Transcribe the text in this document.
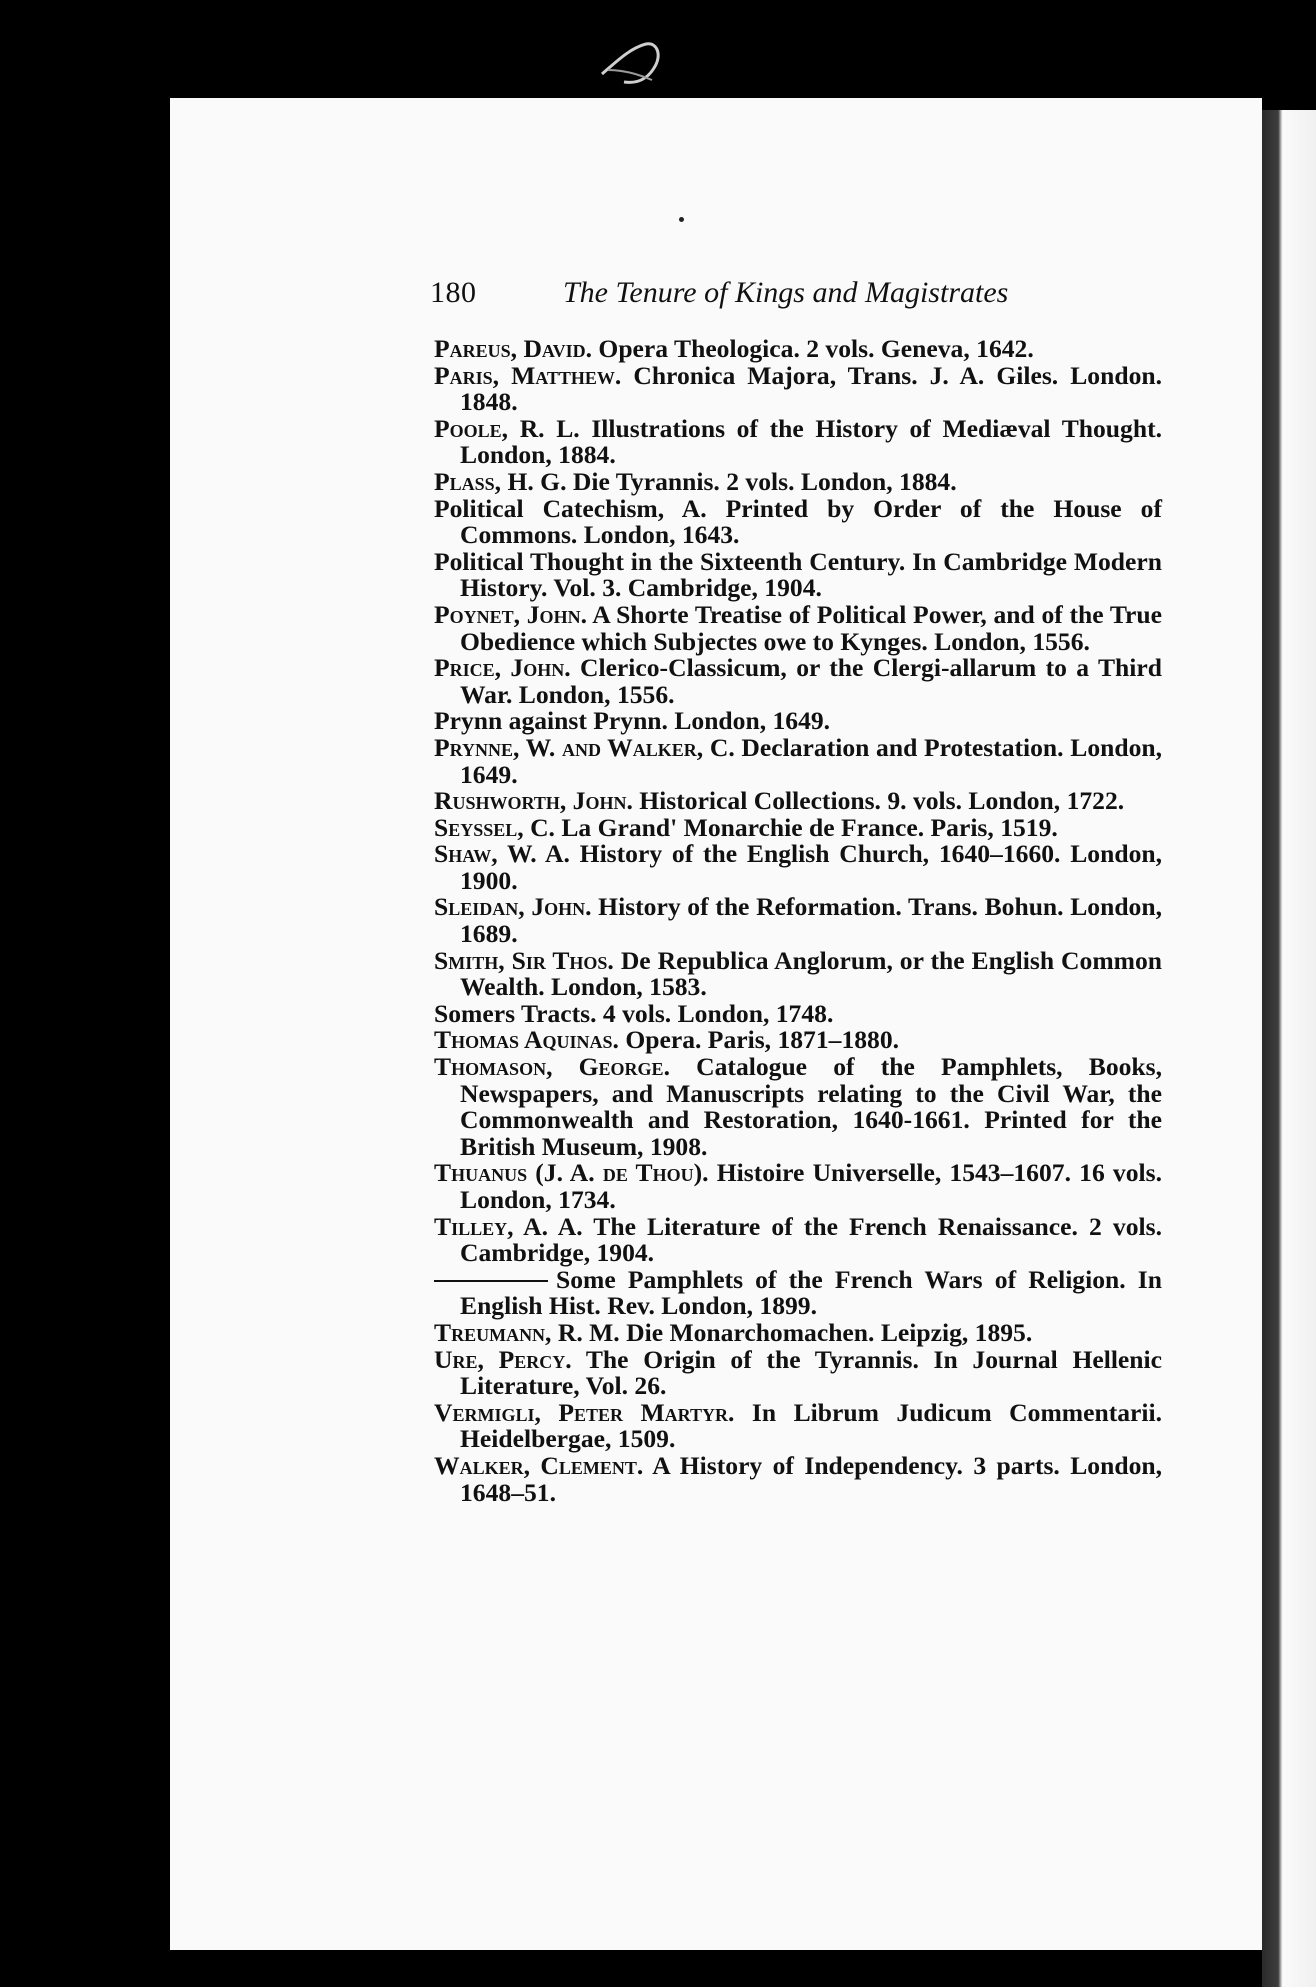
180	The Tenure of Kings and Magistrates
Pareus, David. Opera Theologica. 2 vols. Geneva, 1642.
Paris, Matthew. Chronica Majora, Trans. J. A. Giles. London. 1848.
Poole, R. L. Illustrations of the History of Mediæval Thought. London, 1884.
Plass, H. G. Die Tyrannis. 2 vols. London, 1884.
Political Catechism, A. Printed by Order of the House of Commons. London, 1643.
Political Thought in the Sixteenth Century. In Cambridge Modern History. Vol. 3. Cambridge, 1904.
Poynet, John. A Shorte Treatise of Political Power, and of the True Obedience which Subjectes owe to Kynges. London, 1556.
Price, John. Clerico-Classicum, or the Clergi-allarum to a Third War. London, 1556.
Prynn against Prynn. London, 1649.
Prynne, W. and Walker, C. Declaration and Protestation. London, 1649.
Rushworth, John. Historical Collections. 9. vols. London, 1722.
Seyssel, C. La Grand' Monarchie de France. Paris, 1519.
Shaw, W. A. History of the English Church, 1640–1660. London, 1900.
Sleidan, John. History of the Reformation. Trans. Bohun. London, 1689.
Smith, Sir Thos. De Republica Anglorum, or the English Common Wealth. London, 1583.
Somers Tracts. 4 vols. London, 1748.
Thomas Aquinas. Opera. Paris, 1871–1880.
Thomason, George. Catalogue of the Pamphlets, Books, Newspapers, and Manuscripts relating to the Civil War, the Commonwealth and Restoration, 1640-1661. Printed for the British Museum, 1908.
Thuanus (J. A. de Thou). Histoire Universelle, 1543–1607. 16 vols. London, 1734.
Tilley, A. A. The Literature of the French Renaissance. 2 vols. Cambridge, 1904.
Some Pamphlets of the French Wars of Religion. In English Hist. Rev. London, 1899.
Treumann, R. M. Die Monarchomachen. Leipzig, 1895.
Ure, Percy. The Origin of the Tyrannis. In Journal Hellenic Literature, Vol. 26.
Vermigli, Peter Martyr. In Librum Judicum Commentarii. Heidelbergae, 1509.
Walker, Clement. A History of Independency. 3 parts. London, 1648–51.
